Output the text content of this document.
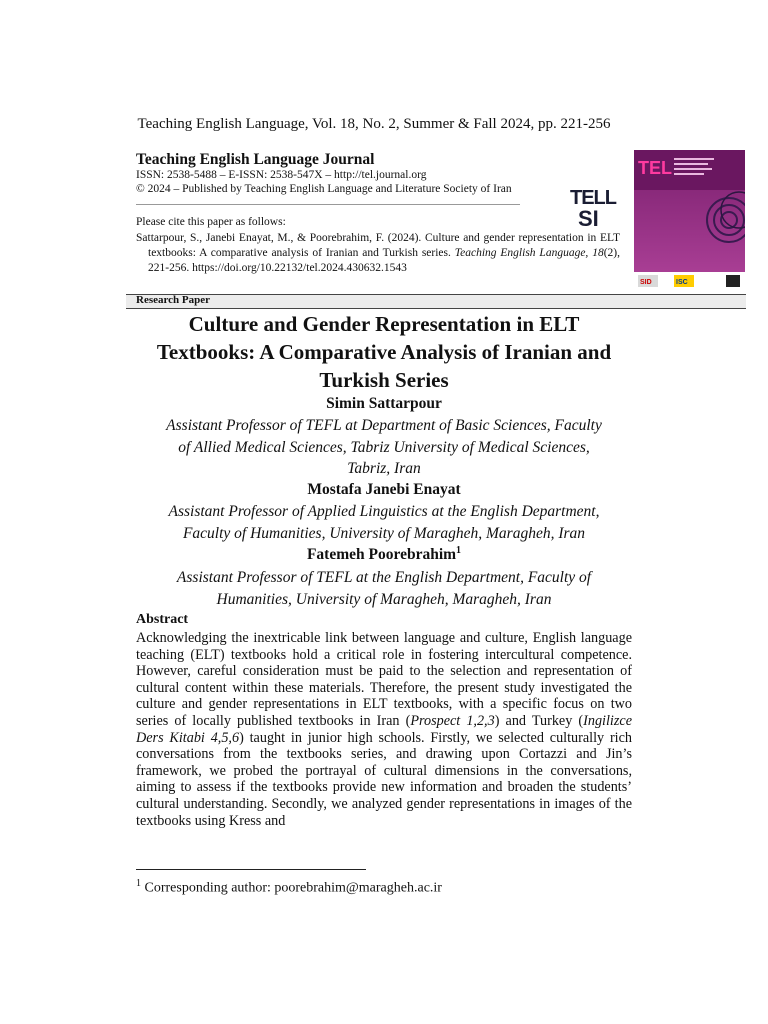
Teaching English Language, Vol. 18, No. 2, Summer & Fall 2024, pp. 221-256
Teaching English Language Journal
ISSN: 2538-5488 – E-ISSN: 2538-547X – http://tel.journal.org
© 2024 – Published by Teaching English Language and Literature Society of Iran	TELL
SI
TEL
SID	ISC
Please cite this paper as follows:

Sattarpour, S., Janebi Enayat, M., & Poorebrahim, F. (2024). Culture and gender representation in ELT textbooks: A comparative analysis of Iranian and Turkish series. Teaching English Language, 18(2), 221-256. https://doi.org/10.22132/tel.2024.430632.1543

Research Paper
Culture and Gender Representation in ELT
Textbooks: A Comparative Analysis of Iranian and
Turkish Series
Simin Sattarpour
Assistant Professor of TEFL at Department of Basic Sciences, Faculty
of Allied Medical Sciences, Tabriz University of Medical Sciences,
Tabriz, Iran
Mostafa Janebi Enayat
Assistant Professor of Applied Linguistics at the English Department,
Faculty of Humanities, University of Maragheh, Maragheh, Iran
Fatemeh Poorebrahim$^1$
Assistant Professor of TEFL at the English Department, Faculty of
Humanities, University of Maragheh, Maragheh, Iran
Abstract
Acknowledging the inextricable link between language and culture, English language teaching (ELT) textbooks hold a critical role in fostering intercultural competence. However, careful consideration must be paid to the selection and representation of cultural content within these materials. Therefore, the present study investigated the culture and gender representations in ELT textbooks, with a specific focus on two series of locally published textbooks in Iran (Prospect 1,2,3) and Turkey (Ingilizce Ders Kitabi 4,5,6) taught in junior high schools. Firstly, we selected culturally rich conversations from the textbooks series, and drawing upon Cortazzi and Jin’s framework, we probed the portrayal of cultural dimensions in the conversations, aiming to assess if the textbooks provide new information and broaden the students’ cultural understanding. Secondly, we analyzed gender representations in images of the textbooks using Kress and
$^1$ Corresponding author: poorebrahim@maragheh.ac.ir
